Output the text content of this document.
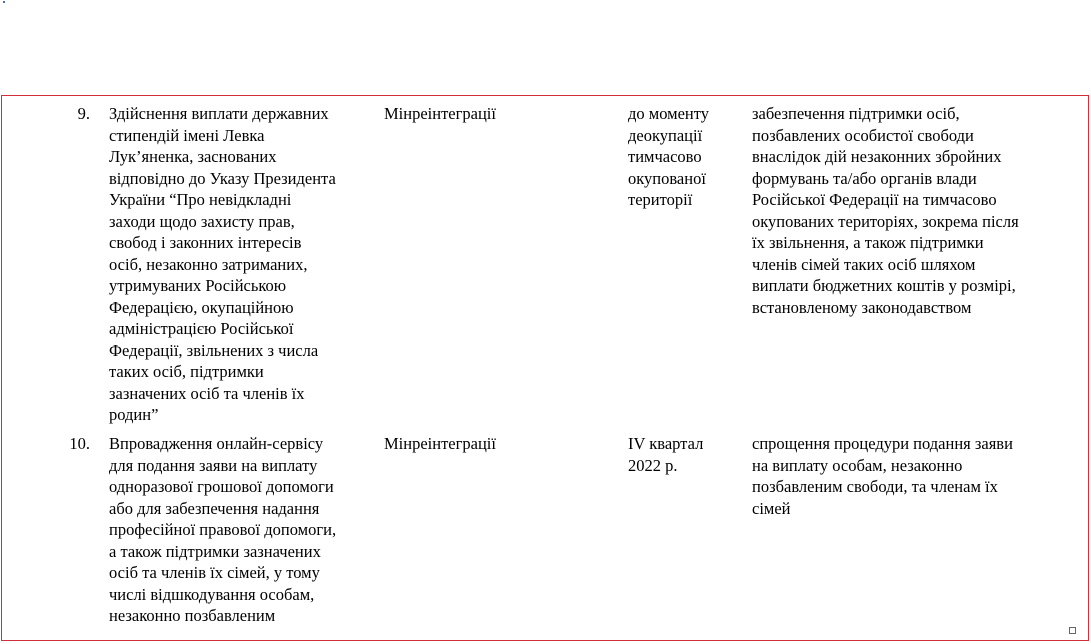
9. Здійснення виплати державних
стипендій імені Левка
Лук’яненка, заснованих
відповідно до Указу Президента
України “Про невідкладні
заходи щодо захисту прав,
свобод і законних інтересів
осіб, незаконно затриманих,
утримуваних Російською
Федерацією, окупаційною
адміністрацією Російської
Федерації, звільнених з числа
таких осіб, підтримки
зазначених осіб та членів їх
родин”
Мінреінтеграції	до моменту
деокупації
тимчасово
окупованої
території
забезпечення підтримки осіб,
позбавлених особистої свободи
внаслідок дій незаконних збройних
формувань та/або органів влади
Російської Федерації на тимчасово
окупованих територіях, зокрема після
їх звільнення, а також підтримки
членів сімей таких осіб шляхом
виплати бюджетних коштів у розмірі,
встановленому законодавством
10. Впровадження онлайн-сервісу
для подання заяви на виплату
одноразової грошової допомоги
або для забезпечення надання
професійної правової допомоги,
а також підтримки зазначених
осіб та членів їх сімей, у тому
числі відшкодування особам,
незаконно позбавленим
Мінреінтеграції	IV квартал
2022 р.
спрощення процедури подання заяви
на виплату особам, незаконно
позбавленим свободи, та членам їх
сімей
